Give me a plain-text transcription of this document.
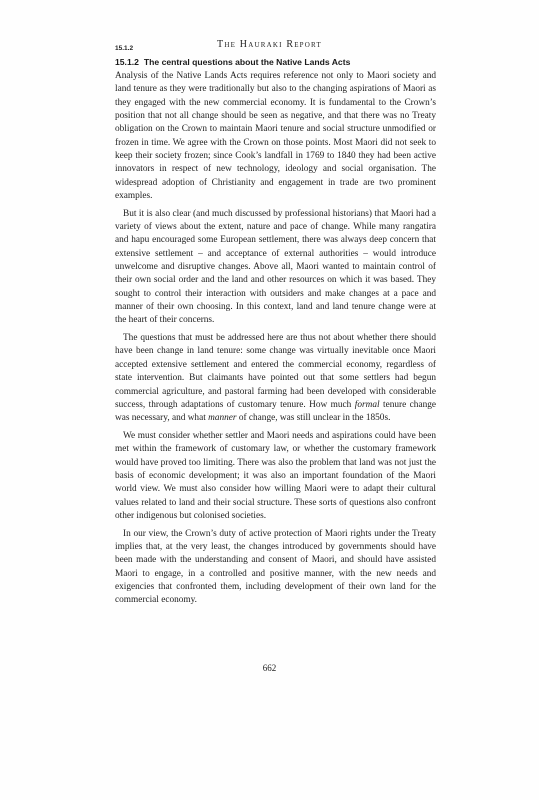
The Hauraki Report
15.1.2
15.1.2 The central questions about the Native Lands Acts

Analysis of the Native Lands Acts requires reference not only to Maori society and land tenure as they were traditionally but also to the changing aspirations of Maori as they engaged with the new commercial economy. It is fundamental to the Crown’s position that not all change should be seen as negative, and that there was no Treaty obligation on the Crown to maintain Maori tenure and social structure unmodified or frozen in time. We agree with the Crown on those points. Most Maori did not seek to keep their society frozen; since Cook’s landfall in 1769 to 1840 they had been active innovators in respect of new technology, ideology and social organisation. The widespread adoption of Christianity and engagement in trade are two prominent examples.

But it is also clear (and much discussed by professional historians) that Maori had a variety of views about the extent, nature and pace of change. While many rangatira and hapu encouraged some European settlement, there was always deep concern that extensive settlement – and acceptance of external authorities – would introduce unwelcome and disruptive changes. Above all, Maori wanted to maintain control of their own social order and the land and other resources on which it was based. They sought to control their interaction with outsiders and make changes at a pace and manner of their own choosing. In this context, land and land tenure change were at the heart of their concerns.

The questions that must be addressed here are thus not about whether there should have been change in land tenure: some change was virtually inevitable once Maori accepted extensive settlement and entered the commercial economy, regardless of state intervention. But claimants have pointed out that some settlers had begun commercial agriculture, and pastoral farming had been developed with considerable success, through adaptations of customary tenure. How much formal tenure change was necessary, and what manner of change, was still unclear in the 1850s.

We must consider whether settler and Maori needs and aspirations could have been met within the framework of customary law, or whether the customary framework would have proved too limiting. There was also the problem that land was not just the basis of economic development; it was also an important foundation of the Maori world view. We must also consider how willing Maori were to adapt their cultural values related to land and their social structure. These sorts of questions also confront other indigenous but colonised societies.

In our view, the Crown’s duty of active protection of Maori rights under the Treaty implies that, at the very least, the changes introduced by governments should have been made with the understanding and consent of Maori, and should have assisted Maori to engage, in a controlled and positive manner, with the new needs and exigencies that confronted them, including development of their own land for the commercial economy.

662
